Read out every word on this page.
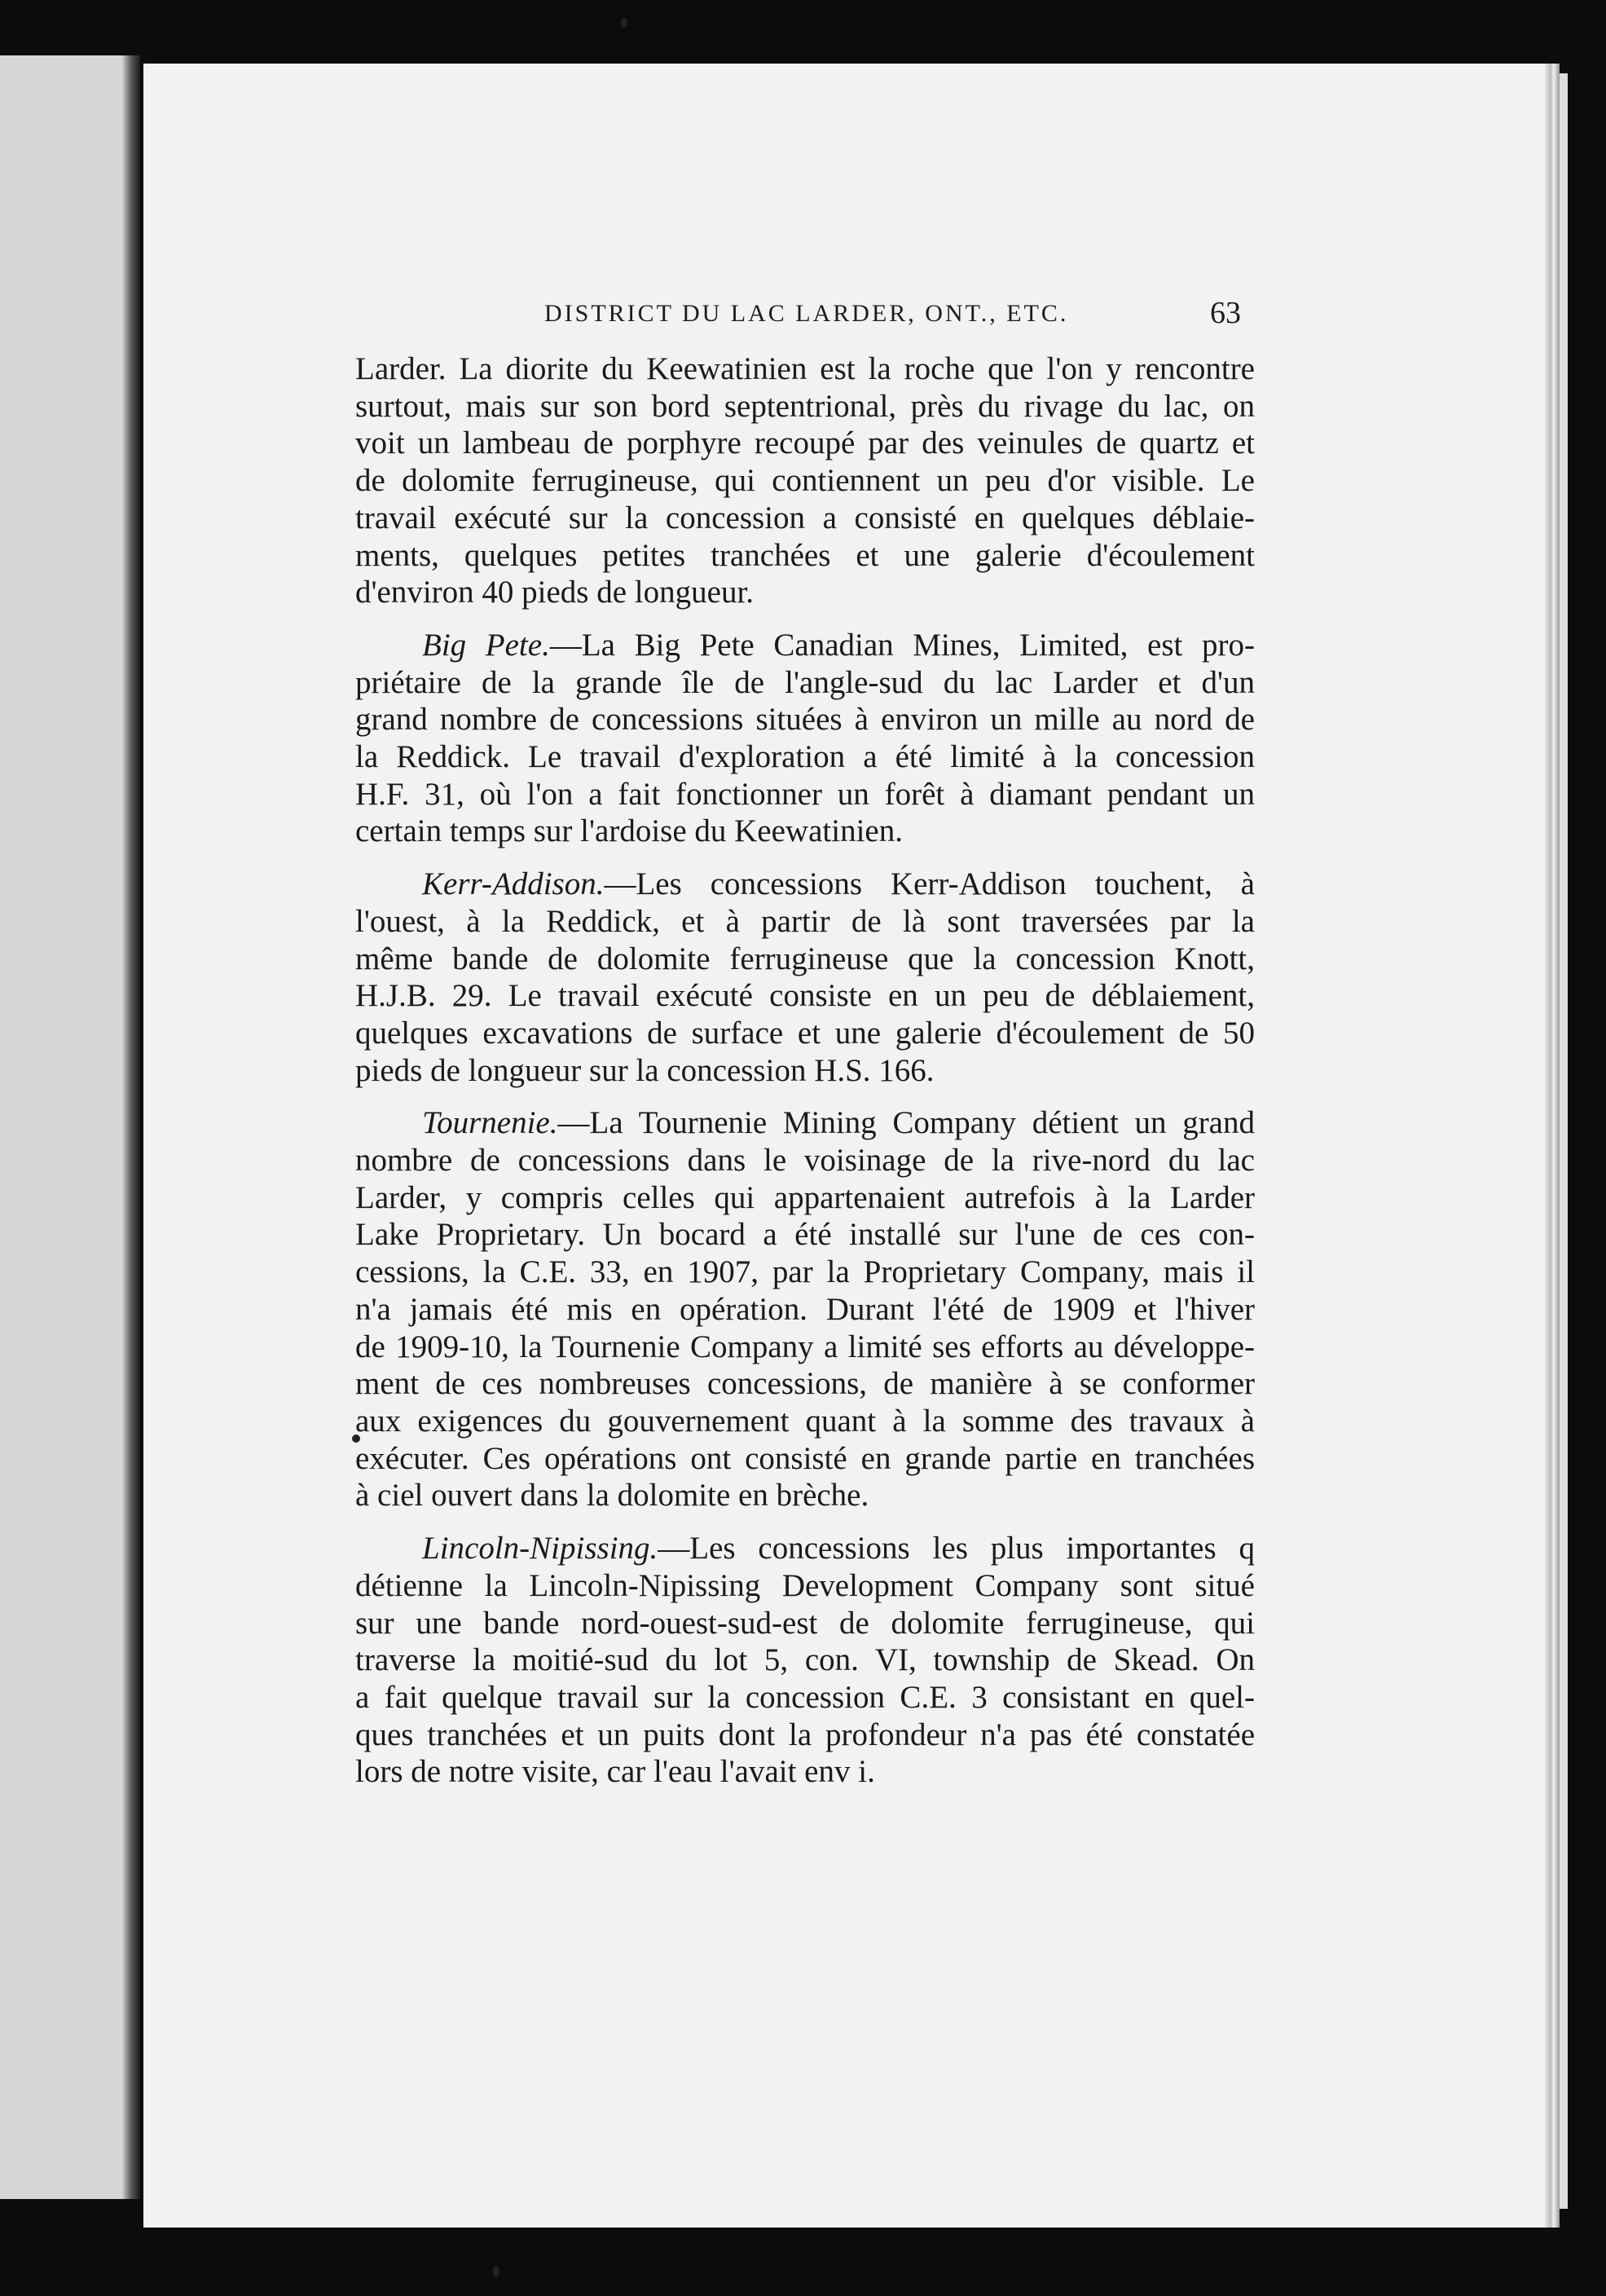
DISTRICT DU LAC LARDER, ONT., ETC.	63
Larder. La diorite du Keewatinien est la roche que l'on y rencontre
surtout, mais sur son bord septentrional, près du rivage du lac, on
voit un lambeau de porphyre recoupé par des veinules de quartz et
de dolomite ferrugineuse, qui contiennent un peu d'or visible. Le
travail exécuté sur la concession a consisté en quelques déblaie-
ments, quelques petites tranchées et une galerie d'écoulement
d'environ 40 pieds de longueur.
Big Pete.—La Big Pete Canadian Mines, Limited, est pro-
priétaire de la grande île de l'angle-sud du lac Larder et d'un
grand nombre de concessions situées à environ un mille au nord de
la Reddick. Le travail d'exploration a été limité à la concession
H.F. 31, où l'on a fait fonctionner un forêt à diamant pendant un
certain temps sur l'ardoise du Keewatinien.
Kerr-Addison.—Les concessions Kerr-Addison touchent, à
l'ouest, à la Reddick, et à partir de là sont traversées par la
même bande de dolomite ferrugineuse que la concession Knott,
H.J.B. 29. Le travail exécuté consiste en un peu de déblaiement,
quelques excavations de surface et une galerie d'écoulement de 50
pieds de longueur sur la concession H.S. 166.
Tournenie.—La Tournenie Mining Company détient un grand
nombre de concessions dans le voisinage de la rive-nord du lac
Larder, y compris celles qui appartenaient autrefois à la Larder
Lake Proprietary. Un bocard a été installé sur l'une de ces con-
cessions, la C.E. 33, en 1907, par la Proprietary Company, mais il
n'a jamais été mis en opération. Durant l'été de 1909 et l'hiver
de 1909-10, la Tournenie Company a limité ses efforts au développe-
ment de ces nombreuses concessions, de manière à se conformer
aux exigences du gouvernement quant à la somme des travaux à
exécuter. Ces opérations ont consisté en grande partie en tranchées
à ciel ouvert dans la dolomite en brèche.
Lincoln-Nipissing.—Les concessions les plus importantes q
détienne la Lincoln-Nipissing Development Company sont situé
sur une bande nord-ouest-sud-est de dolomite ferrugineuse, qui
traverse la moitié-sud du lot 5, con. VI, township de Skead. On
a fait quelque travail sur la concession C.E. 3 consistant en quel-
ques tranchées et un puits dont la profondeur n'a pas été constatée
lors de notre visite, car l'eau l'avait env i.
